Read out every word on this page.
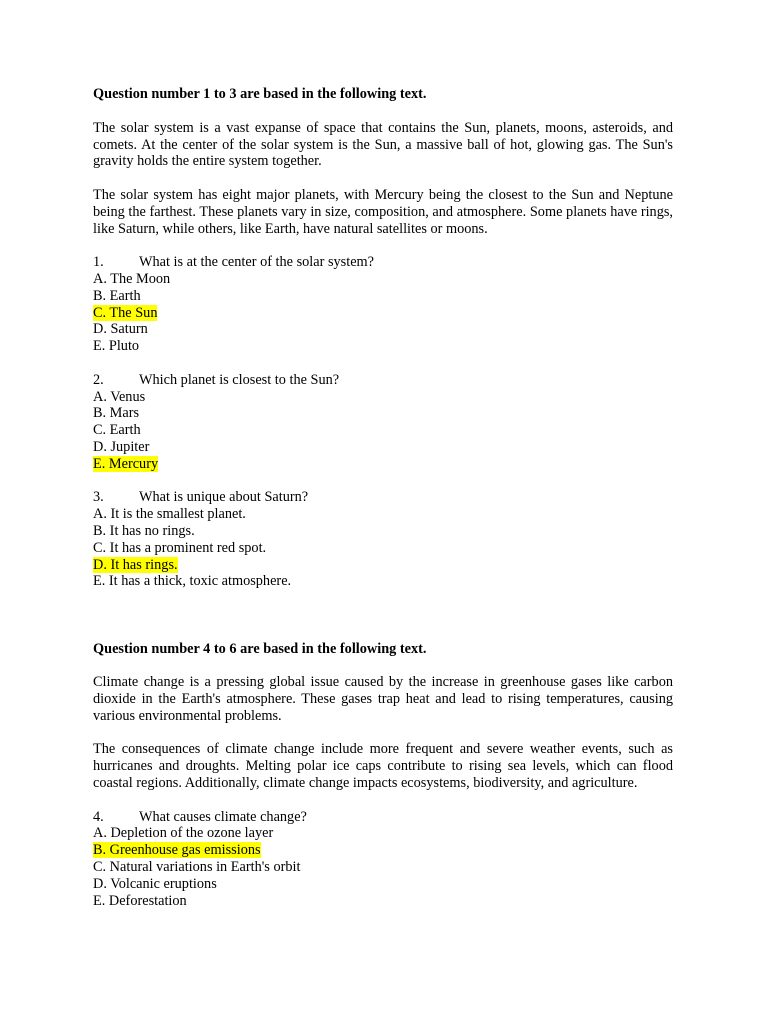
Question number 1 to 3 are based in the following text.

The solar system is a vast expanse of space that contains the Sun, planets, moons, asteroids, and comets. At the center of the solar system is the Sun, a massive ball of hot, glowing gas. The Sun's gravity holds the entire system together.

The solar system has eight major planets, with Mercury being the closest to the Sun and Neptune being the farthest. These planets vary in size, composition, and atmosphere. Some planets have rings, like Saturn, while others, like Earth, have natural satellites or moons.

1. What is at the center of the solar system?

A. The Moon

B. Earth

C. The Sun

D. Saturn

E. Pluto

2. Which planet is closest to the Sun?

A. Venus

B. Mars

C. Earth

D. Jupiter

E. Mercury

3. What is unique about Saturn?

A. It is the smallest planet.

B. It has no rings.

C. It has a prominent red spot.

D. It has rings.

E. It has a thick, toxic atmosphere.

Question number 4 to 6 are based in the following text.

Climate change is a pressing global issue caused by the increase in greenhouse gases like carbon dioxide in the Earth's atmosphere. These gases trap heat and lead to rising temperatures, causing various environmental problems.

The consequences of climate change include more frequent and severe weather events, such as hurricanes and droughts. Melting polar ice caps contribute to rising sea levels, which can flood coastal regions. Additionally, climate change impacts ecosystems, biodiversity, and agriculture.

4. What causes climate change?

A. Depletion of the ozone layer

B. Greenhouse gas emissions

C. Natural variations in Earth's orbit

D. Volcanic eruptions

E. Deforestation
